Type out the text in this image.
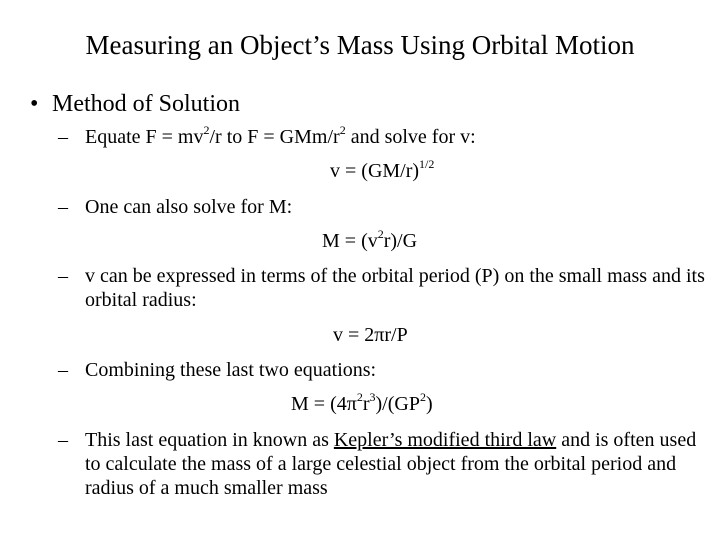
Measuring an Object’s Mass Using Orbital Motion
• Method of Solution
– Equate $F = mv^2/r$ to F = GMm/$r^2$ and solve for v:
$v = (GM/r)^{1/2}$
– One can also solve for M:
$M = (v^2r)/G$
– v can be expressed in terms of the orbital period (P) on the small mass and its orbital radius:
v = 2πr/P
– Combining these last two equations:
$M = (4\pi^2r^3)/(GP^2)$
– This last equation in known as Kepler’s modified third law and is often used to calculate the mass of a large celestial object from the orbital period and radius of a much smaller mass
